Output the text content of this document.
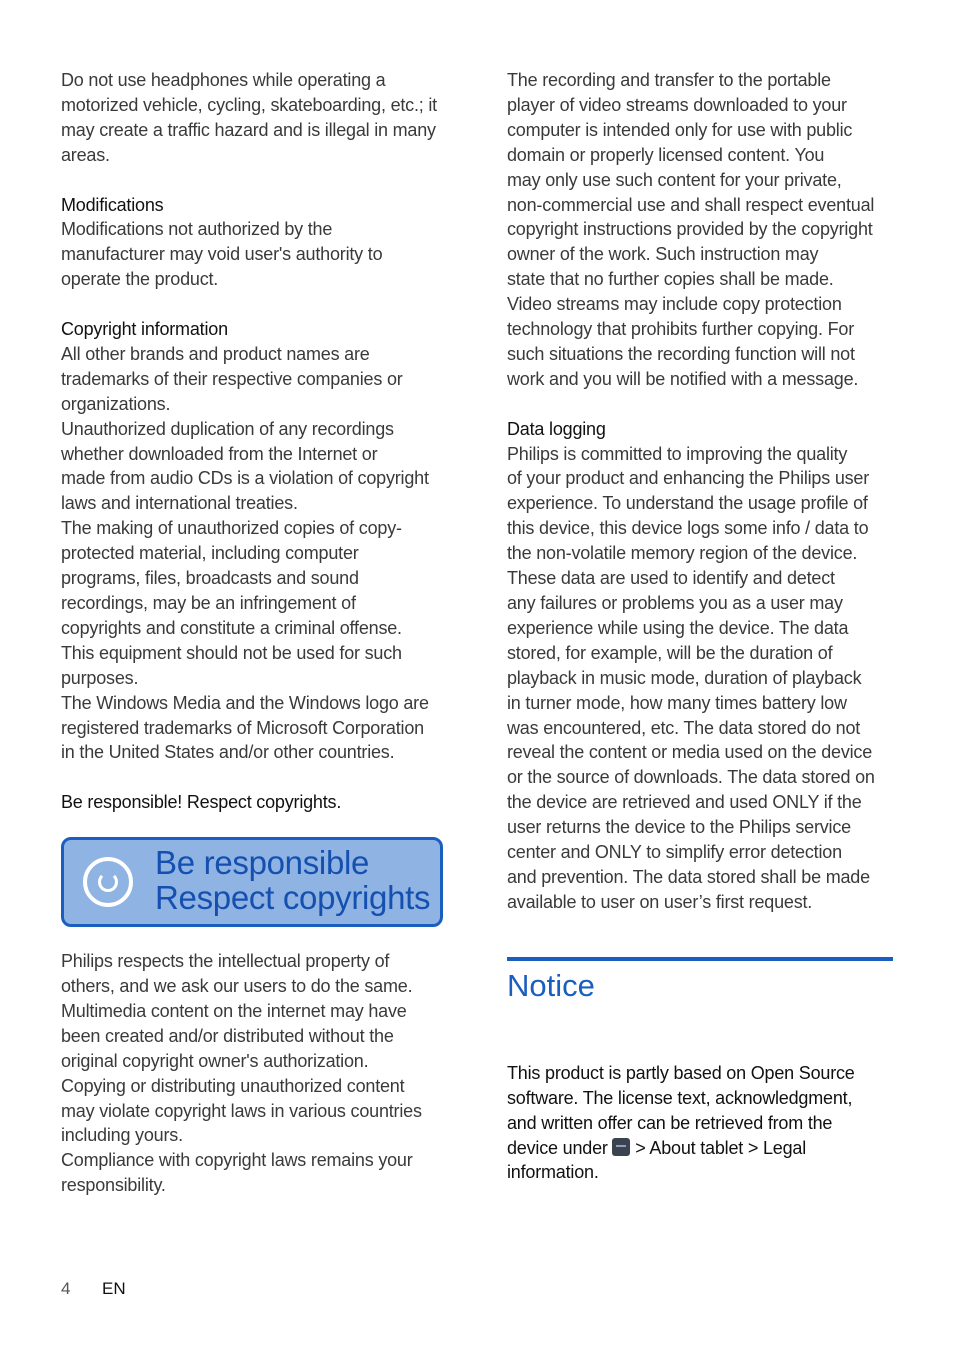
Do not use headphones while operating a

motorized vehicle, cycling, skateboarding, etc.; it

may create a traffic hazard and is illegal in many

areas.

Modifications

Modifications not authorized by the

manufacturer may void user's authority to

operate the product.

Copyright information

All other brands and product names are

trademarks of their respective companies or

organizations.

Unauthorized duplication of any recordings

whether downloaded from the Internet or

made from audio CDs is a violation of copyright

laws and international treaties.

The making of unauthorized copies of copy-

protected material, including computer

programs, files, broadcasts and sound

recordings, may be an infringement of

copyrights and constitute a criminal offense.

This equipment should not be used for such

purposes.

The Windows Media and the Windows logo are

registered trademarks of Microsoft Corporation

in the United States and/or other countries.

Be responsible! Respect copyrights.

Be responsible
Respect copyrights

Philips respects the intellectual property of

others, and we ask our users to do the same.

Multimedia content on the internet may have

been created and/or distributed without the

original copyright owner's authorization.

Copying or distributing unauthorized content

may violate copyright laws in various countries

including yours.

Compliance with copyright laws remains your

responsibility.

The recording and transfer to the portable

player of video streams downloaded to your

computer is intended only for use with public

domain or properly licensed content. You

may only use such content for your private,

non-commercial use and shall respect eventual

copyright instructions provided by the copyright

owner of the work. Such instruction may

state that no further copies shall be made.

Video streams may include copy protection

technology that prohibits further copying. For

such situations the recording function will not

work and you will be notified with a message.

Data logging

Philips is committed to improving the quality

of your product and enhancing the Philips user

experience. To understand the usage profile of

this device, this device logs some info / data to

the non-volatile memory region of the device.

These data are used to identify and detect

any failures or problems you as a user may

experience while using the device. The data

stored, for example, will be the duration of

playback in music mode, duration of playback

in turner mode, how many times battery low

was encountered, etc. The data stored do not

reveal the content or media used on the device

or the source of downloads. The data stored on

the device are retrieved and used ONLY if the

user returns the device to the Philips service

center and ONLY to simplify error detection

and prevention. The data stored shall be made

available to user on user’s first request.

Notice

This product is partly based on Open Source

software. The license text, acknowledgment,

and written offer can be retrieved from the

device under  > About tablet > Legal

information.

4 EN
